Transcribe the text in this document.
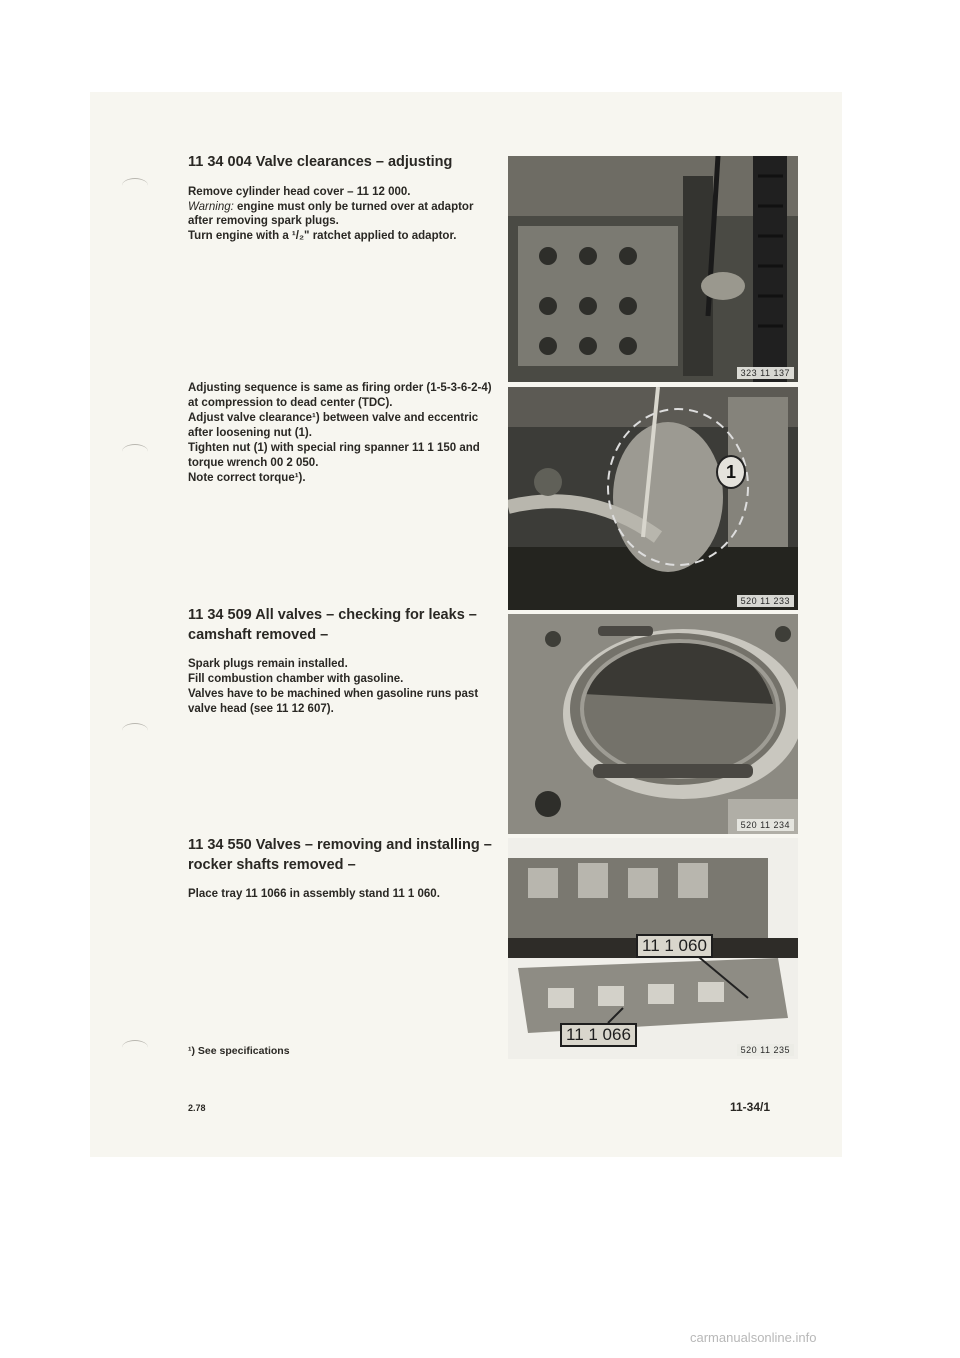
11 34 004 Valve clearances – adjusting
Remove cylinder head cover – 11 12 000.
Warning: engine must only be turned over at adaptor after removing spark plugs.
Turn engine with a ¹/₂" ratchet applied to adaptor.
Adjusting sequence is same as firing order (1-5-3-6-2-4) at compression to dead center (TDC).
Adjust valve clearance¹) between valve and eccentric after loosening nut (1).
Tighten nut (1) with special ring spanner 11 1 150 and torque wrench 00 2 050.
Note correct torque¹).
11 34 509 All valves – checking for leaks – camshaft removed –
Spark plugs remain installed.
Fill combustion chamber with gasoline.
Valves have to be machined when gasoline runs past valve head (see 11 12 607).
11 34 550 Valves – removing and installing – rocker shafts removed –
Place tray 11 1066 in assembly stand 11 1 060.
¹) See specifications
2.78	11-34/1
323 11 137
1
520 11 233
520 11 234
11 1 060
11 1 066
520 11 235
carmanualsonline.info
